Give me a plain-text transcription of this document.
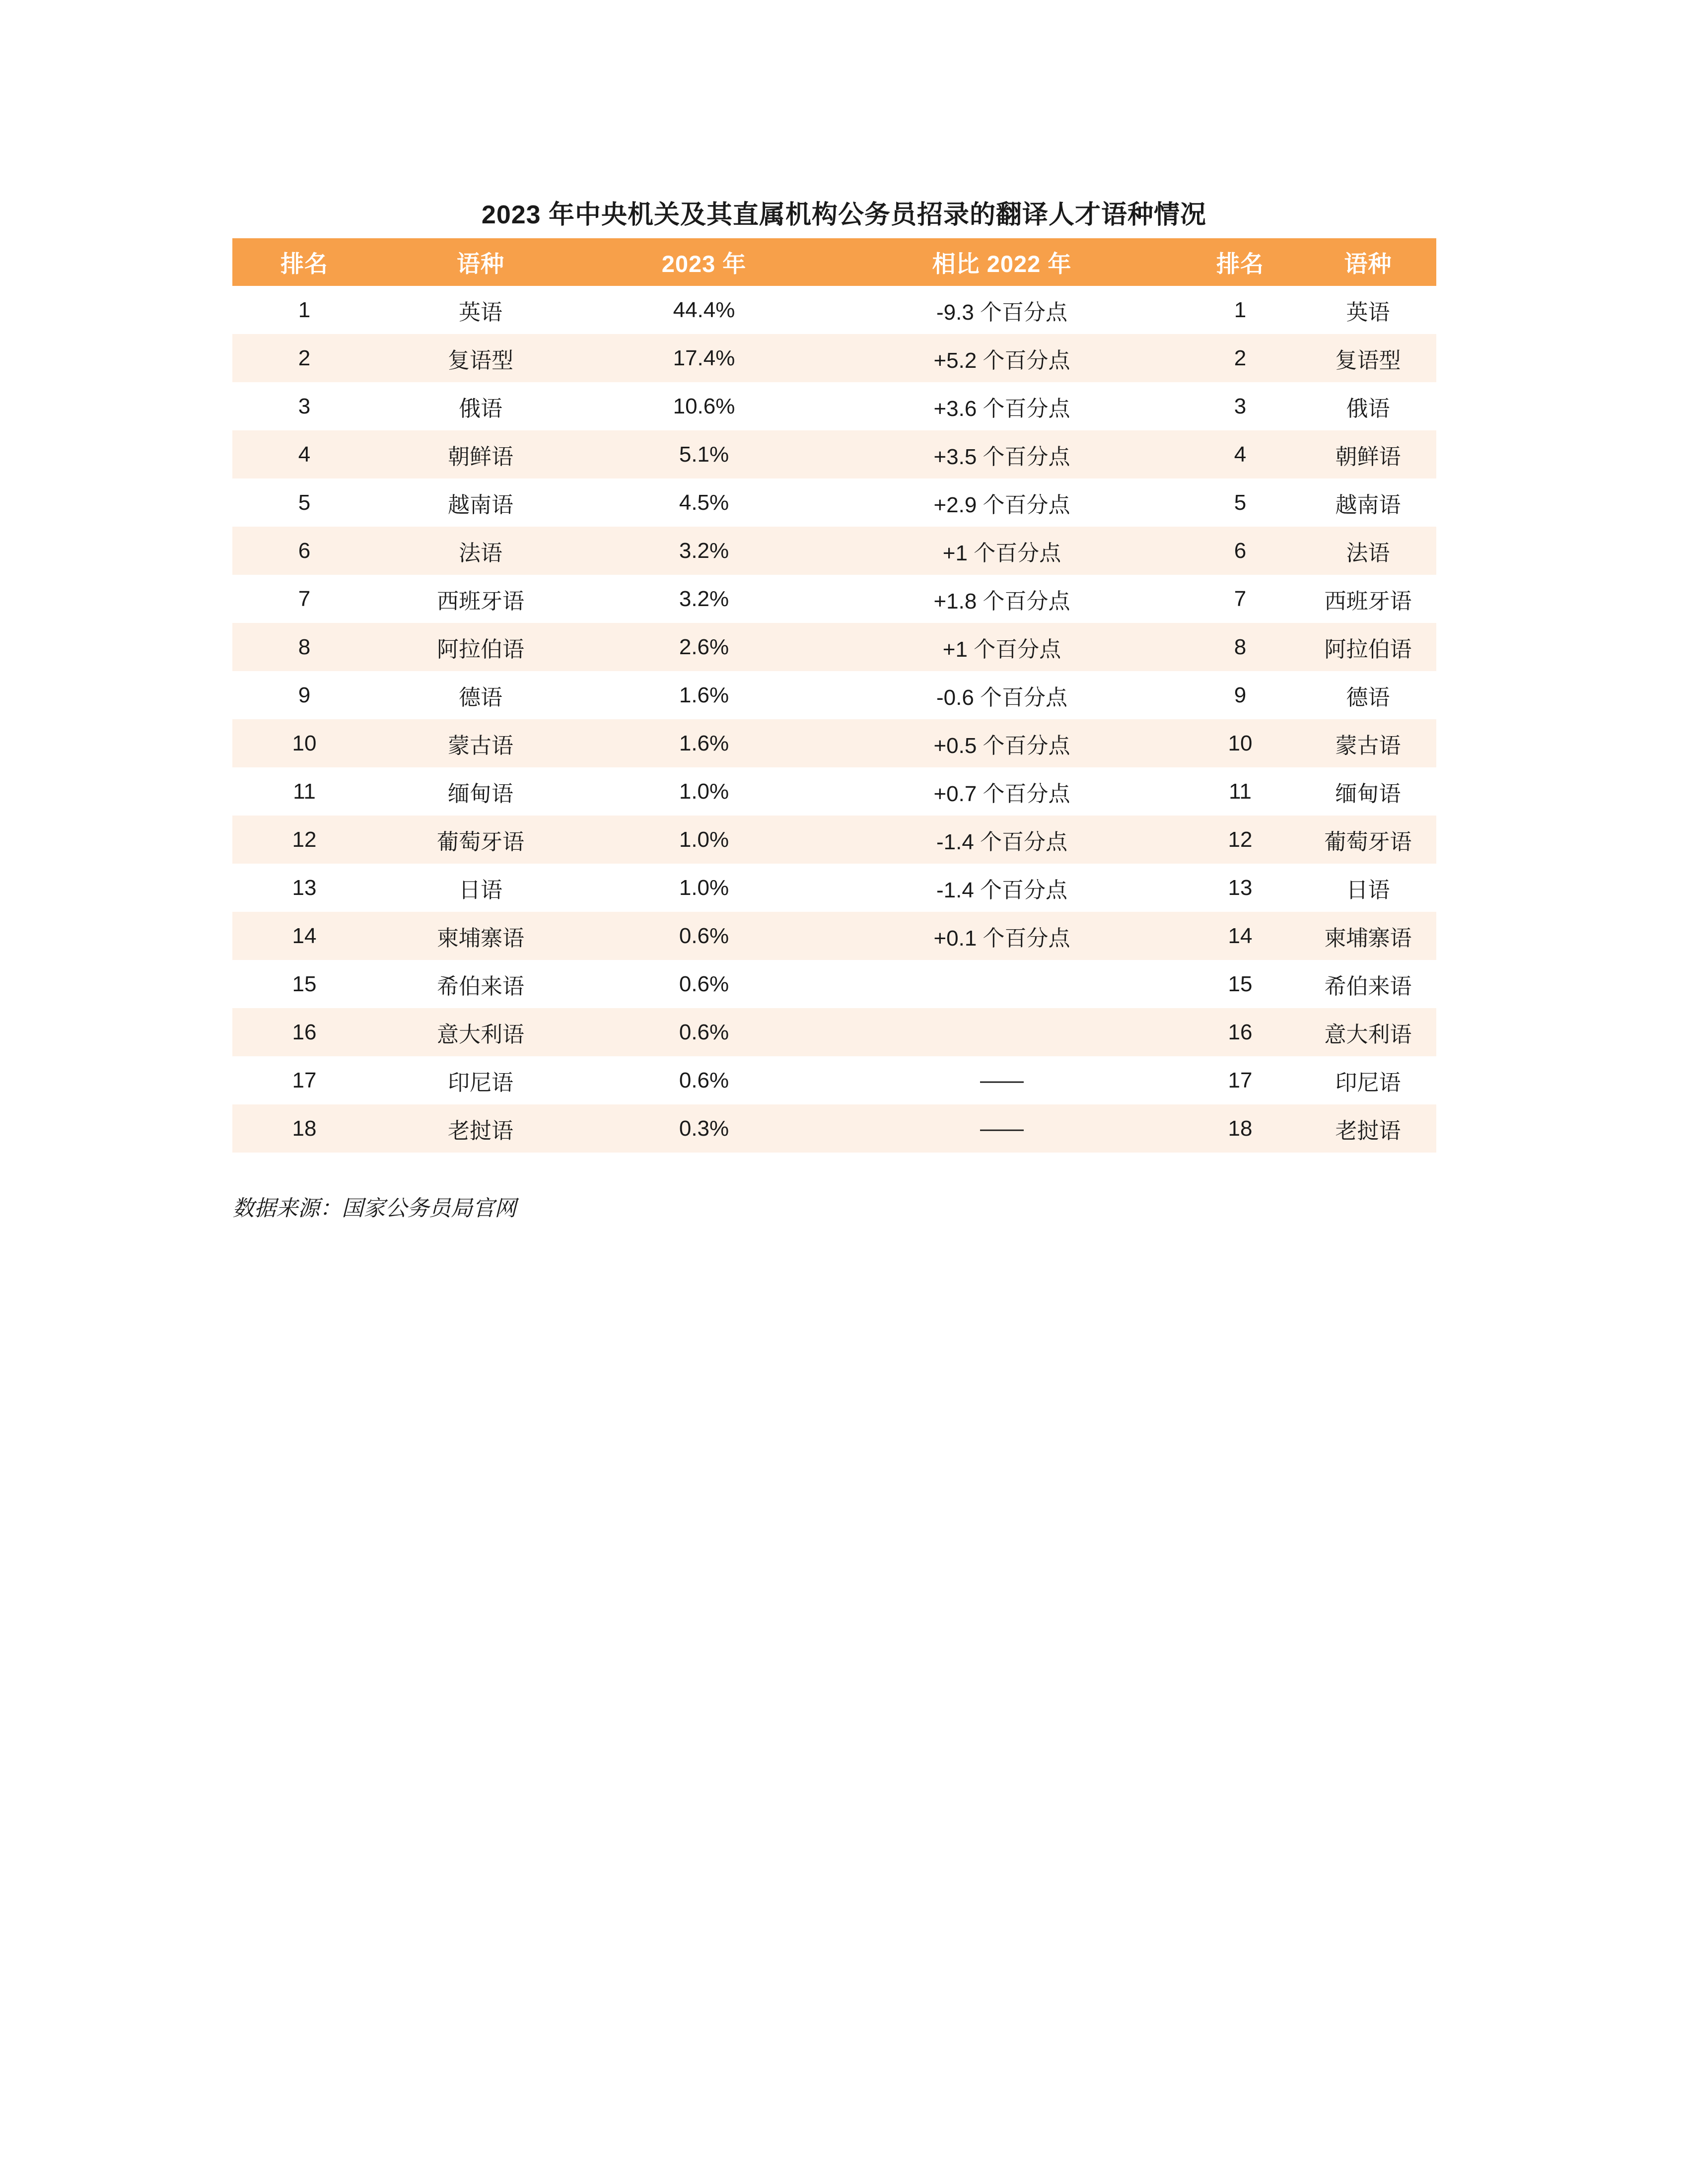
2023 年中央机关及其直属机构公务员招录的翻译人才语种情况
排名	语种	2023 年	相比 2022 年	排名	语种
1	英语	44.4%	-9.3 个百分点	1	英语
2	复语型	17.4%	+5.2 个百分点	2	复语型
3	俄语	10.6%	+3.6 个百分点	3	俄语
4	朝鲜语	5.1%	+3.5 个百分点	4	朝鲜语
5	越南语	4.5%	+2.9 个百分点	5	越南语
6	法语	3.2%	+1 个百分点	6	法语
7	西班牙语	3.2%	+1.8 个百分点	7	西班牙语
8	阿拉伯语	2.6%	+1 个百分点	8	阿拉伯语
9	德语	1.6%	-0.6 个百分点	9	德语
10	蒙古语	1.6%	+0.5 个百分点	10	蒙古语
11	缅甸语	1.0%	+0.7 个百分点	11	缅甸语
12	葡萄牙语	1.0%	-1.4 个百分点	12	葡萄牙语
13	日语	1.0%	-1.4 个百分点	13	日语
14	柬埔寨语	0.6%	+0.1 个百分点	14	柬埔寨语
15	希伯来语	0.6%		15	希伯来语
16	意大利语	0.6%		16	意大利语
17	印尼语	0.6%	——	17	印尼语
18	老挝语	0.3%	——	18	老挝语
数据来源：国家公务员局官网
